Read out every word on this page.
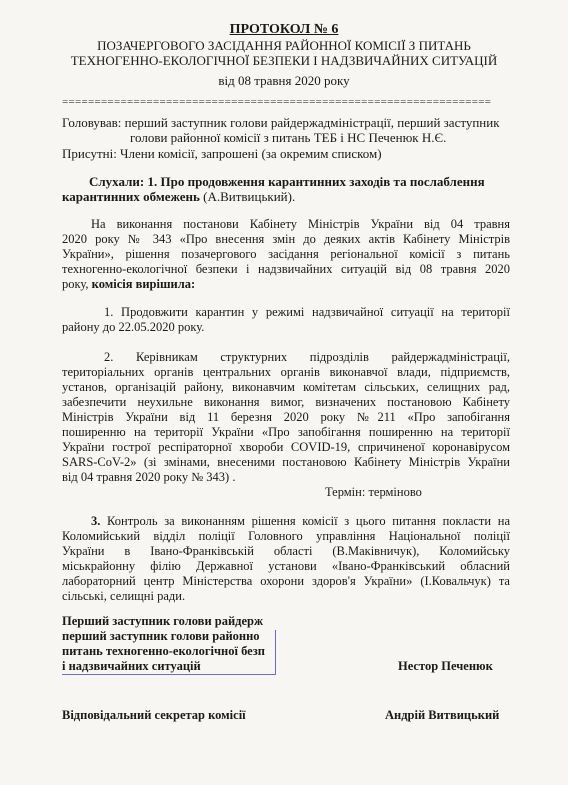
ПРОТОКОЛ № 6
ПОЗАЧЕРГОВОГО ЗАСІДАННЯ РАЙОННОЇ КОМІСІЇ З ПИТАНЬ
ТЕХНОГЕННО-ЕКОЛОГІЧНОЇ БЕЗПЕКИ І НАДЗВИЧАЙНИХ СИТУАЦІЙ
від 08 травня 2020 року
==================================================================
Головував: перший заступник голови райдержадміністрації, перший заступник
голови районної комісії з питань ТЕБ і НС Печенюк Н.Є.
Присутні: Члени комісії, запрошені (за окремим списком)
Слухали: 1. Про продовження карантинних заходів та послаблення
карантинних обмежень (А.Витвицький).
На виконання постанови Кабінету Міністрів України від 04 травня
2020 року № 343 «Про внесення змін до деяких актів Кабінету Міністрів
України», рішення позачергового засідання регіональної комісії з питань
техногенно-екологічної безпеки і надзвичайних ситуацій від 08 травня 2020
року, комісія вирішила:
1. Продовжити карантин у режимі надзвичайної ситуації на території
району до 22.05.2020 року.
2. Керівникам структурних підрозділів райдержадміністрації,
територіальних органів центральних органів виконавчої влади, підприємств,
установ, організацій району, виконавчим комітетам сільських, селищних рад,
забезпечити неухильне виконання вимог, визначених постановою Кабінету
Міністрів України від 11 березня 2020 року №211 «Про запобігання
поширенню на території України «Про запобігання поширенню на території
України гострої респіраторної хвороби COVID-19, спричиненої коронавірусом
SARS-CoV-2» (зі змінами, внесеними постановою Кабінету Міністрів України
від 04 травня 2020 року № 343) .
Термін: терміново
3. Контроль за виконанням рішення комісії з цього питання покласти на
Коломийський відділ поліції Головного управління Національної поліції
України в Івано-Франківській області (В.Маківничук), Коломийську
міськрайонну філію Державної установи «Івано-Франківський обласний
лабораторний центр Міністерства охорони здоров'я України» (І.Ковальчук) та
сільські, селищні ради.
Перший заступник голови райдерж
перший заступник голови районно
питань техногенно-екологічної безп
і надзвичайних ситуацій	Нестор Печенюк
Відповідальний секретар комісії	Андрій Витвицький
